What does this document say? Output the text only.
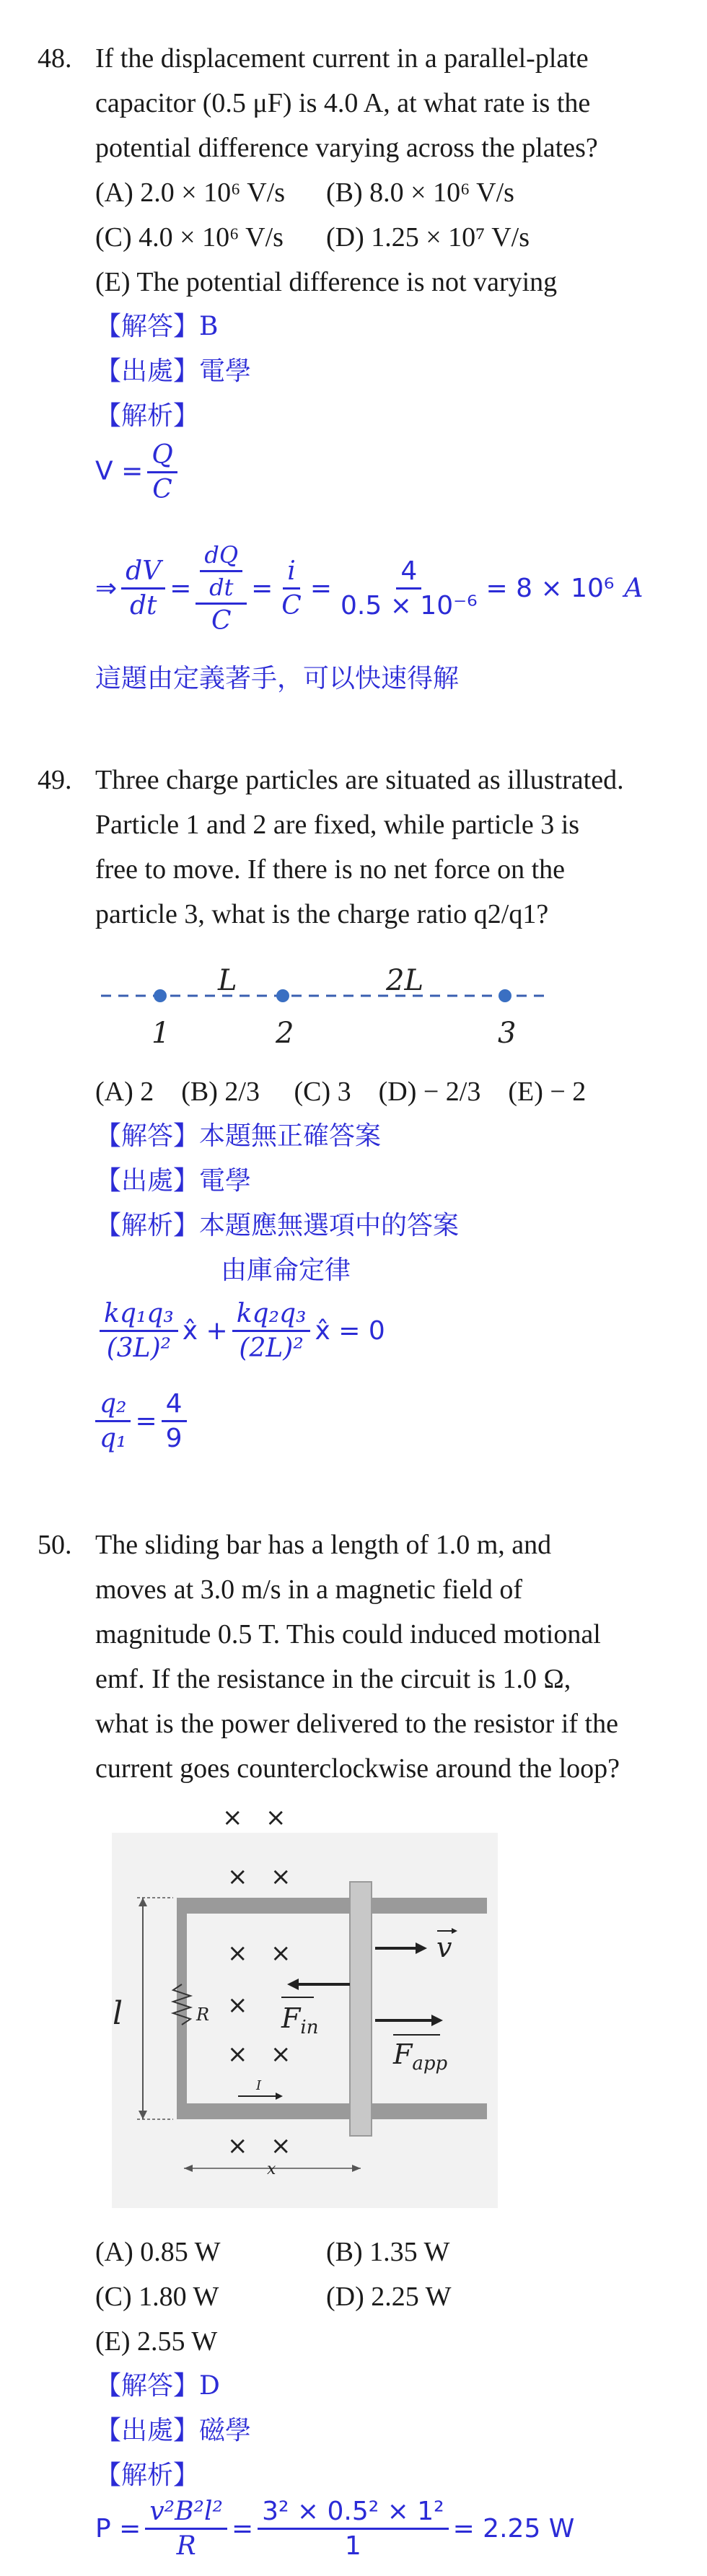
48. If the displacement current in a parallel-plate
capacitor (0.5 μF) is 4.0 A, at what rate is the
potential difference varying across the plates?
(A) 2.0 × 10⁶ V/s (B) 8.0 × 10⁶ V/s
(C) 4.0 × 10⁶ V/s (D) 1.25 × 10⁷ V/s
(E) The potential difference is not varying
【解答】B
【出處】電學
【解析】
$V = \frac{Q}{C}$
⇒ $\frac{dV}{dt} = \frac{\frac{dQ}{dt}}{C} = \frac{i}{C} = \frac{4}{\text{0.5 × 10⁻⁶}} = 8 \times 10^6$ A
這題由定義著手，可以快速得解
49. Three charge particles are situated as illustrated.
Particle 1 and 2 are fixed, while particle 3 is
free to move. If there is no net force on the
particle 3, what is the charge ratio q2/q1?
L	2L
1	2	3
(A) 2    (B) 2/3     (C) 3    (D) − 2/3    (E) − 2
【解答】本題無正確答案
【出處】電學
【解析】本題應無選項中的答案
由庫侖定律
$\frac{\text{kq₁q₃}}{\text{(3L)²}}$ x̂ + $\frac{\text{kq₂q₃}}{\text{(2L)²}}$ x̂ = 0
$\frac{\text{q₂}}{\text{q₁}} = \frac{4}{9}$
50. The sliding bar has a length of 1.0 m, and
moves at 3.0 m/s in a magnetic field of
magnitude 0.5 T. This could induced motional
emf. If the resistance in the circuit is 1.0 Ω,
what is the power delivered to the resistor if the
current goes counterclockwise around the loop?
l	R
x
× ×
× ×
× ×
×
× ×
× ×
v
$F_{in}$
$F_{app}$
I
(A) 0.85 W	(B) 1.35 W
(C) 1.80 W	(D) 2.25 W
(E) 2.55 W
【解答】D
【出處】磁學
【解析】
$P = \frac{\text{v²B²l²}}{R} = \frac{\text{3² × 0.5² × 1²}}{1} = 2.25$ W
